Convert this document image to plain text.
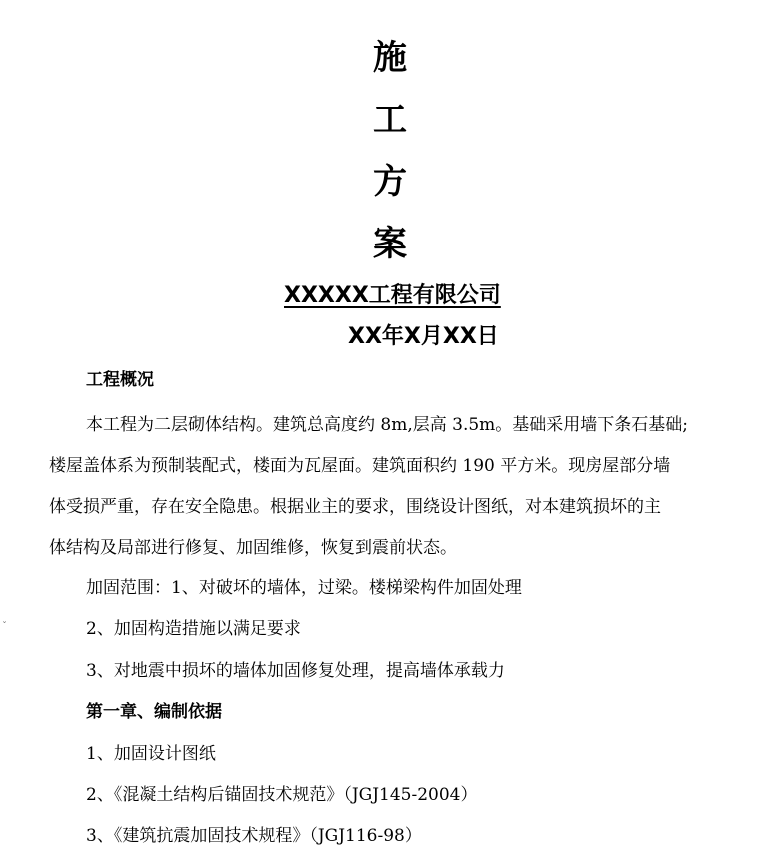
施
工
方
案
XXXXX工程有限公司
XX年X月XX日
工程概况
本工程为二层砌体结构。建筑总高度约 8m,层高 3.5m。基础采用墙下条石基础;
楼屋盖体系为预制装配式，楼面为瓦屋面。建筑面积约 190 平方米。现房屋部分墙
体受损严重，存在安全隐患。根据业主的要求，围绕设计图纸，对本建筑损坏的主
体结构及局部进行修复、加固维修，恢复到震前状态。
加固范围：1、对破坏的墙体，过梁。楼梯梁构件加固处理
2、加固构造措施以满足要求
3、对地震中损坏的墙体加固修复处理，提高墙体承载力
第一章、编制依据
1、加固设计图纸
2、《混凝土结构后锚固技术规范》（JGJ145-2004）
3、《建筑抗震加固技术规程》（JGJ116-98）
ˇ
